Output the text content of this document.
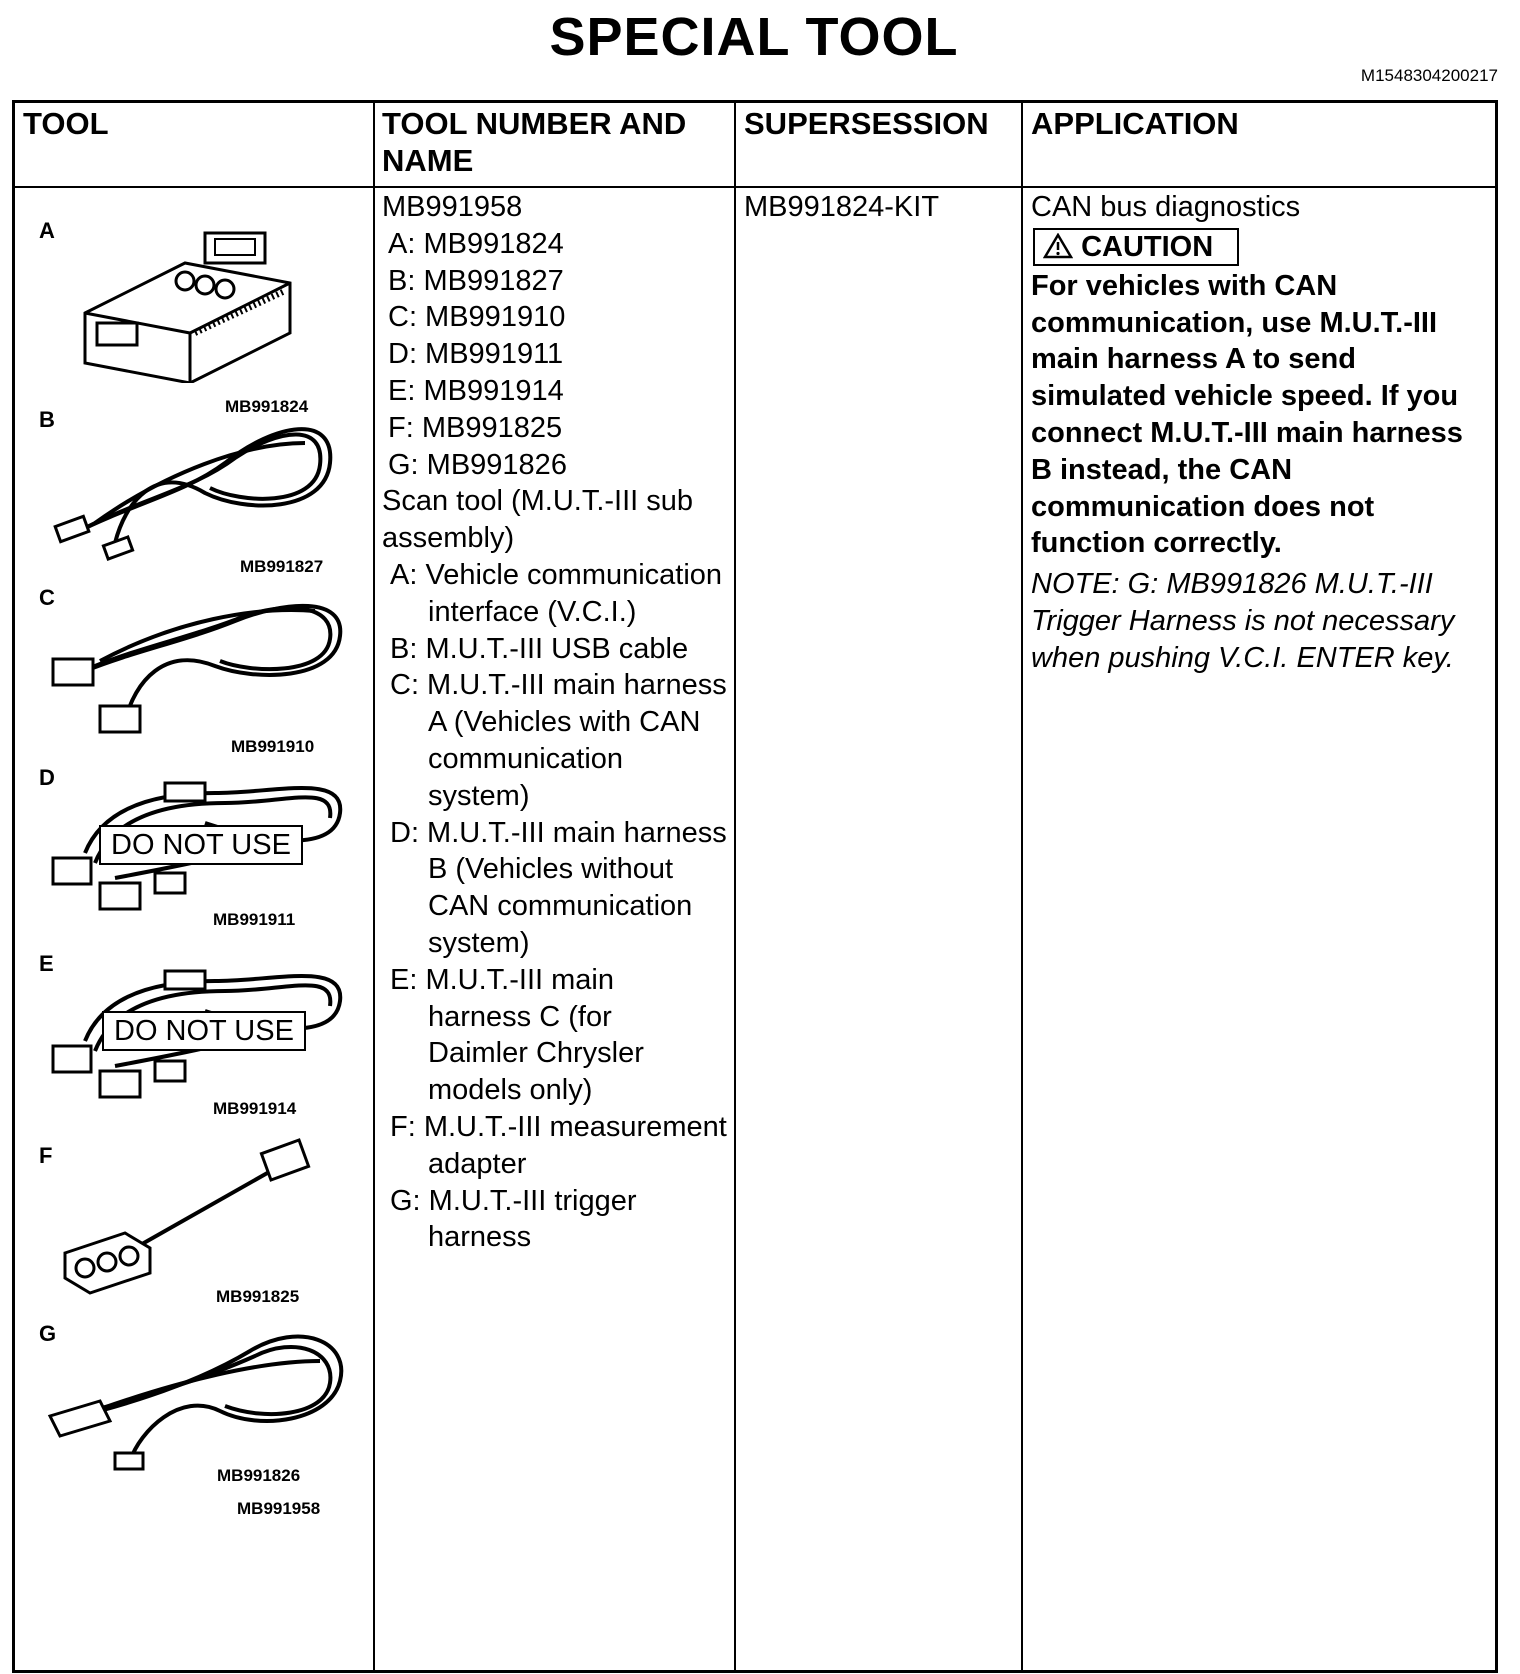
SPECIAL TOOL
M1548304200217
TOOL	TOOL NUMBER AND
NAME
SUPERSESSION APPLICATION
A
MB991824
B
MB991827
C
MB991910
D
DO NOT USE
MB991911
E
DO NOT USE
MB991914
F
MB991825
G
MB991826
MB991958
MB991958
A: MB991824
B: MB991827
C: MB991910
D: MB991911
E: MB991914
F: MB991825
G: MB991826
Scan tool (M.U.T.-III sub assembly)
A: Vehicle communication interface (V.C.I.)
B: M.U.T.-III USB cable
C: M.U.T.-III main harness A (Vehicles with CAN communication system)
D: M.U.T.-III main harness B (Vehicles without CAN communication system)
E: M.U.T.-III main harness C (for Daimler Chrysler models only)
F: M.U.T.-III measurement adapter
G: M.U.T.-III trigger harness
MB991824-KIT	CAN bus diagnostics
CAUTION
For vehicles with CAN communication, use M.U.T.-III main harness A to send simulated vehicle speed. If you connect M.U.T.-III main harness B instead, the CAN communication does not function correctly.
NOTE: G: MB991826 M.U.T.-III Trigger Harness is not necessary when pushing V.C.I. ENTER key.
